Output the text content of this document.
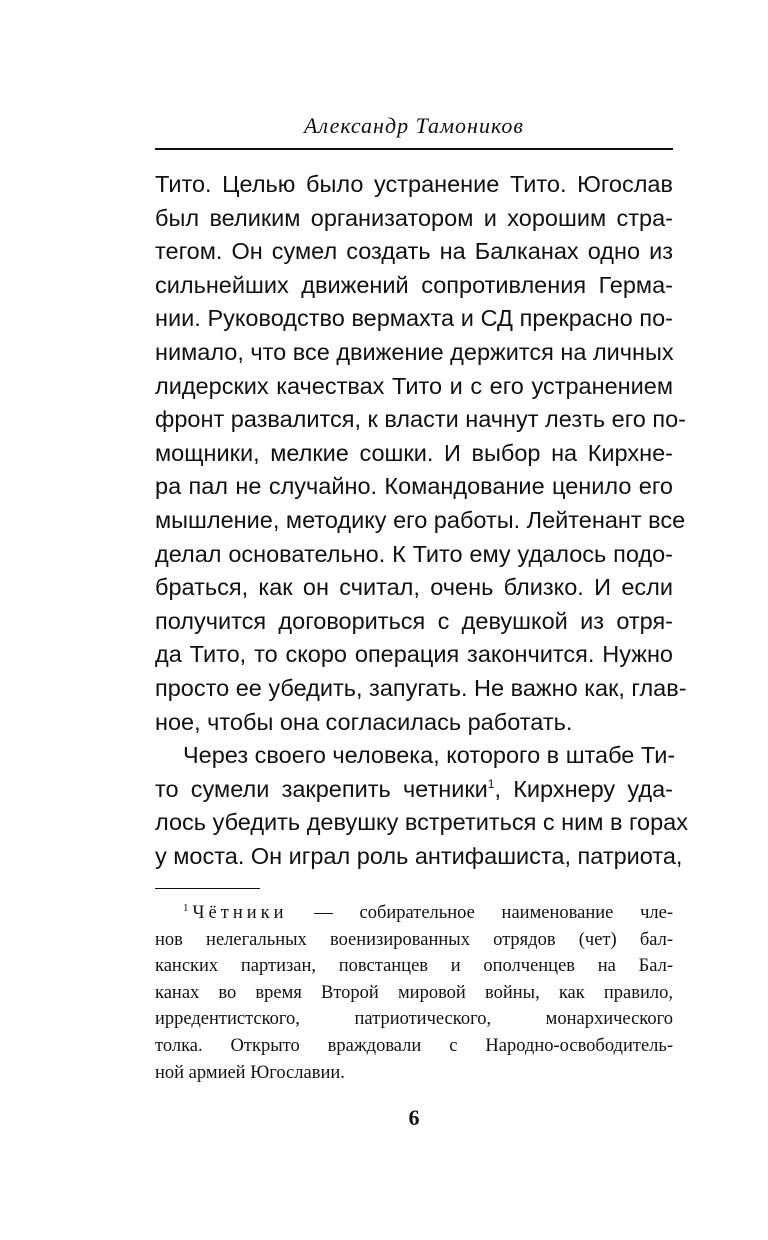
Александр Тамоников
Тито. Целью было устранение Тито. Югослав
был великим организатором и хорошим стра-
тегом. Он сумел создать на Балканах одно из
сильнейших движений сопротивления Герма-
нии. Руководство вермахта и СД прекрасно по-
нимало, что все движение держится на личных
лидерских качествах Тито и с его устранением
фронт развалится, к власти начнут лезть его по-
мощники, мелкие сошки. И выбор на Кирхне-
ра пал не случайно. Командование ценило его
мышление, методику его работы. Лейтенант все
делал основательно. К Тито ему удалось подо-
браться, как он считал, очень близко. И если
получится договориться с девушкой из отря-
да Тито, то скоро операция закончится. Нужно
просто ее убедить, запугать. Не важно как, глав-
ное, чтобы она согласилась работать.
Через своего человека, которого в штабе Ти-
то сумели закрепить четники$^1$, Кирхнеру уда-
лось убедить девушку встретиться с ним в горах
у моста. Он играл роль антифашиста, патриота,
$^1$ Чётники — собирательное наименование чле-
нов нелегальных военизированных отрядов (чет) бал-
канских партизан, повстанцев и ополченцев на Бал-
канах во время Второй мировой войны, как правило,
ирредентистского, патриотического, монархического
толка. Открыто враждовали с Народно-освободитель-
ной армией Югославии.
6
